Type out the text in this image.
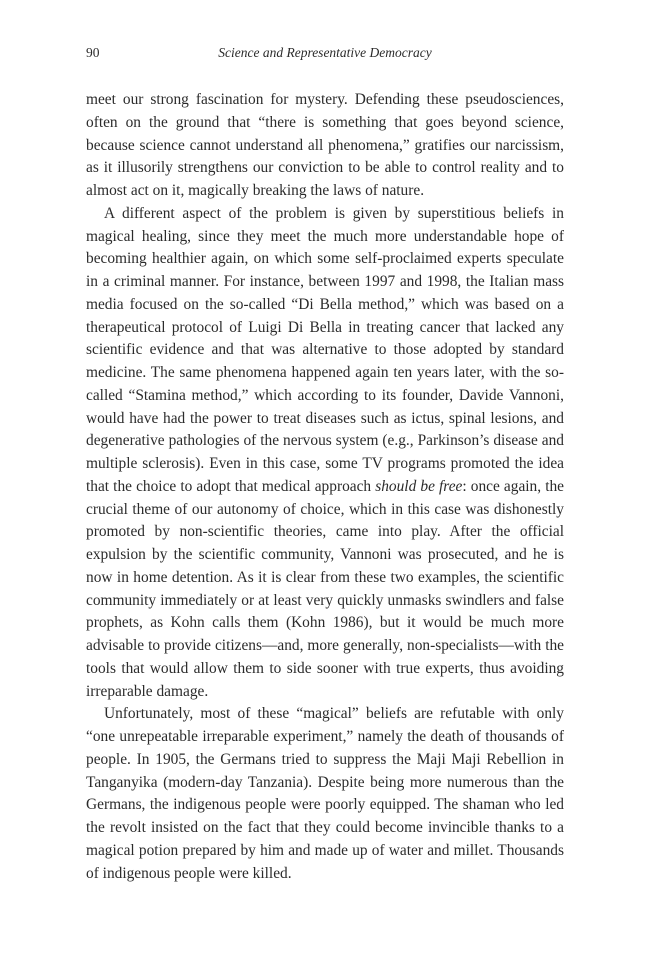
90	Science and Representative Democracy

meet our strong fascination for mystery. Defending these pseudosciences, often on the ground that “there is something that goes beyond science, because science cannot understand all phenomena,” gratifies our narcissism, as it illusorily strengthens our conviction to be able to control reality and to almost act on it, magically breaking the laws of nature.

A different aspect of the problem is given by superstitious beliefs in magical healing, since they meet the much more understandable hope of becoming healthier again, on which some self-proclaimed experts speculate in a criminal manner. For instance, between 1997 and 1998, the Italian mass media focused on the so-called “Di Bella method,” which was based on a therapeutical protocol of Luigi Di Bella in treating cancer that lacked any scientific evidence and that was alternative to those adopted by standard medicine. The same phenomena happened again ten years later, with the so-called “Stamina method,” which according to its founder, Davide Vannoni, would have had the power to treat diseases such as ictus, spinal lesions, and degenerative pathologies of the nervous system (e.g., Parkinson’s disease and multiple sclerosis). Even in this case, some TV programs promoted the idea that the choice to adopt that medical approach should be free: once again, the crucial theme of our autonomy of choice, which in this case was dishonestly promoted by non-scientific theories, came into play. After the official expulsion by the scientific community, Vannoni was prosecuted, and he is now in home detention. As it is clear from these two examples, the scientific community immediately or at least very quickly unmasks swindlers and false prophets, as Kohn calls them (Kohn 1986), but it would be much more advisable to provide citizens—and, more generally, non-specialists—with the tools that would allow them to side sooner with true experts, thus avoiding irreparable damage.

Unfortunately, most of these “magical” beliefs are refutable with only “one unrepeatable irreparable experiment,” namely the death of thousands of people. In 1905, the Germans tried to suppress the Maji Maji Rebellion in Tanganyika (modern-day Tanzania). Despite being more numerous than the Germans, the indigenous people were poorly equipped. The shaman who led the revolt insisted on the fact that they could become invincible thanks to a magical potion prepared by him and made up of water and millet. Thousands of indigenous people were killed.
